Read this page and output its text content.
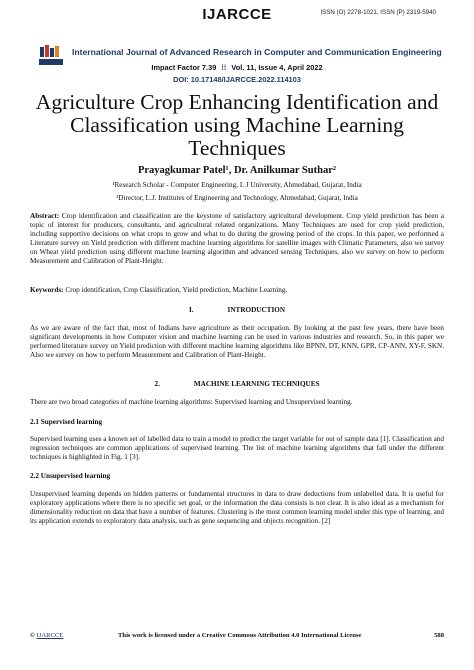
IJARCCE	ISSN (O) 2278-1021, ISSN (P) 2319-5940
International Journal of Advanced Research in Computer and Communication Engineering
Impact Factor 7.39 ⁞⁞ Vol. 11, Issue 4, April 2022
DOI: 10.17148/IJARCCE.2022.114103
Agriculture Crop Enhancing Identification and Classification using Machine Learning Techniques
Prayagkumar Patel¹, Dr. Anilkumar Suthar²
¹Research Scholar - Computer Engineering, L J University, Ahmedabad, Gujarat, India
²Director, L.J. Institutes of Engineering and Technology, Ahmedabad, Gujarat, India
Abstract: Crop identification and classification are the keystone of satisfactory agricultural development. Crop yield prediction has been a topic of interest for producers, consultants, and agricultural related organizations. Many Techniques are used for crop yield prediction, including supportive decisions on what crops to grow and what to do during the growing period of the crops. In this paper, we performed a Literature survey on Yield prediction with different machine learning algorithms for satellite images with Climatic Parameters, also we survey on Wheat yield prediction using different machine learning algorithm and advanced sensing Techniques, also we survey on how to perform Measurement and Calibration of Plant-Height.
Keywords: Crop identification, Crop Classification, Yield prediction, Machine Learning.
I.	INTRODUCTION
As we are aware of the fact that, most of Indians have agriculture as their occupation. By looking at the past few years, there have been significant developments in how Computer vision and machine learning can be used in various industries and research. So, in this paper we performed literature survey on Yield prediction with different machine learning algorithms like BPNN, DT, KNN, GPR, CP-ANN, XY-F, SKN. Also we survey on how to perform Measurement and Calibration of Plant-Height.
2.	MACHINE LEARNING TECHNIQUES
There are two broad categories of machine learning algorithms: Supervised learning and Unsupervised learning.
2.1 Supervised learning
Supervised learning uses a known set of labelled data to train a model to predict the target variable for out of sample data [1]. Classification and regression techniques are common applications of supervised learning. The list of machine learning algorithms that fall under the different techniques is highlighted in Fig. 1 [3].
2.2 Unsupervised learning
Unsupervised learning depends on hidden patterns or fundamental structures in data to draw deductions from unlabelled data. It is useful for exploratory applications where there is no specific set goal, or the information the data consists is not clear. It is also ideal as a mechanism for dimensionality reduction on data that have a number of features. Clustering is the most common learning model under this type of learning, and its application extends to exploratory data analysis, such as gene sequencing and objects recognition. [2]
© IJARCCE	This work is licensed under a Creative Commons Attribution 4.0 International License	588
